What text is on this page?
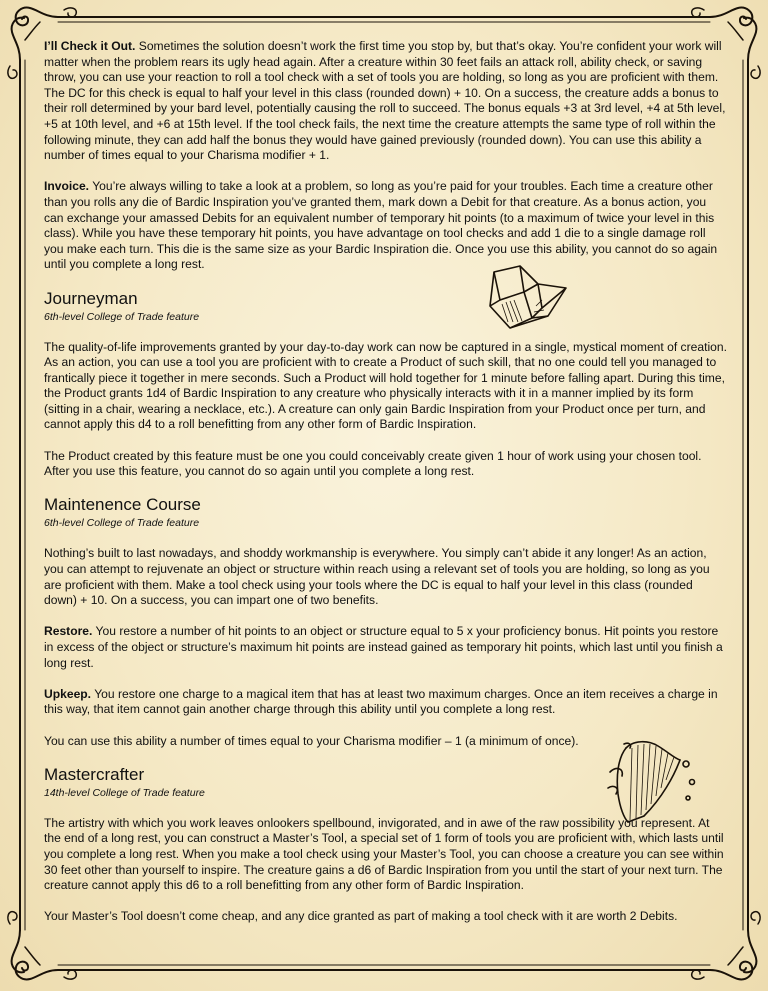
I’ll Check it Out. Sometimes the solution doesn’t work the first time you stop by, but that’s okay. You’re confident your work will matter when the problem rears its ugly head again. After a creature within 30 feet fails an attack roll, ability check, or saving throw, you can use your reaction to roll a tool check with a set of tools you are holding, so long as you are proficient with them. The DC for this check is equal to half your level in this class (rounded down) + 10. On a success, the creature adds a bonus to their roll determined by your bard level, potentially causing the roll to succeed. The bonus equals +3 at 3rd level, +4 at 5th level, +5 at 10th level, and +6 at 15th level. If the tool check fails, the next time the creature attempts the same type of roll within the following minute, they can add half the bonus they would have gained previously (rounded down). You can use this ability a number of times equal to your Charisma modifier + 1.

Invoice. You’re always willing to take a look at a problem, so long as you’re paid for your troubles. Each time a creature other than you rolls any die of Bardic Inspiration you’ve granted them, mark down a Debit for that creature. As a bonus action, you can exchange your amassed Debits for an equivalent number of temporary hit points (to a maximum of twice your level in this class). While you have these temporary hit points, you have advantage on tool checks and add 1 die to a single damage roll you make each turn. This die is the same size as your Bardic Inspiration die. Once you use this ability, you cannot do so again until you complete a long rest.

Journeyman
6th-level College of Trade feature

The quality-of-life improvements granted by your day-to-day work can now be captured in a single, mystical moment of creation. As an action, you can use a tool you are proficient with to create a Product of such skill, that no one could tell you managed to frantically piece it together in mere seconds. Such a Product will hold together for 1 minute before falling apart. During this time, the Product grants 1d4 of Bardic Inspiration to any creature who physically interacts with it in a manner implied by its form (sitting in a chair, wearing a necklace, etc.). A creature can only gain Bardic Inspiration from your Product once per turn, and cannot apply this d4 to a roll benefitting from any other form of Bardic Inspiration.

The Product created by this feature must be one you could conceivably create given 1 hour of work using your chosen tool. After you use this feature, you cannot do so again until you complete a long rest.

Maintenence Course
6th-level College of Trade feature

Nothing’s built to last nowadays, and shoddy workmanship is everywhere. You simply can’t abide it any longer! As an action, you can attempt to rejuvenate an object or structure within reach using a relevant set of tools you are holding, so long as you are proficient with them. Make a tool check using your tools where the DC is equal to half your level in this class (rounded down) + 10. On a success, you can impart one of two benefits.

Restore. You restore a number of hit points to an object or structure equal to 5 x your proficiency bonus. Hit points you restore in excess of the object or structure’s maximum hit points are instead gained as temporary hit points, which last until you finish a long rest.

Upkeep. You restore one charge to a magical item that has at least two maximum charges. Once an item receives a charge in this way, that item cannot gain another charge through this ability until you complete a long rest.

You can use this ability a number of times equal to your Charisma modifier – 1 (a minimum of once).

Mastercrafter
14th-level College of Trade feature

The artistry with which you work leaves onlookers spellbound, invigorated, and in awe of the raw possibility you represent. At the end of a long rest, you can construct a Master’s Tool, a special set of 1 form of tools you are proficient with, which lasts until you complete a long rest. When you make a tool check using your Master’s Tool, you can choose a creature you can see within 30 feet other than yourself to inspire. The creature gains a d6 of Bardic Inspiration from you until the start of your next turn. The creature cannot apply this d6 to a roll benefitting from any other form of Bardic Inspiration.

Your Master’s Tool doesn’t come cheap, and any dice granted as part of making a tool check with it are worth 2 Debits.
